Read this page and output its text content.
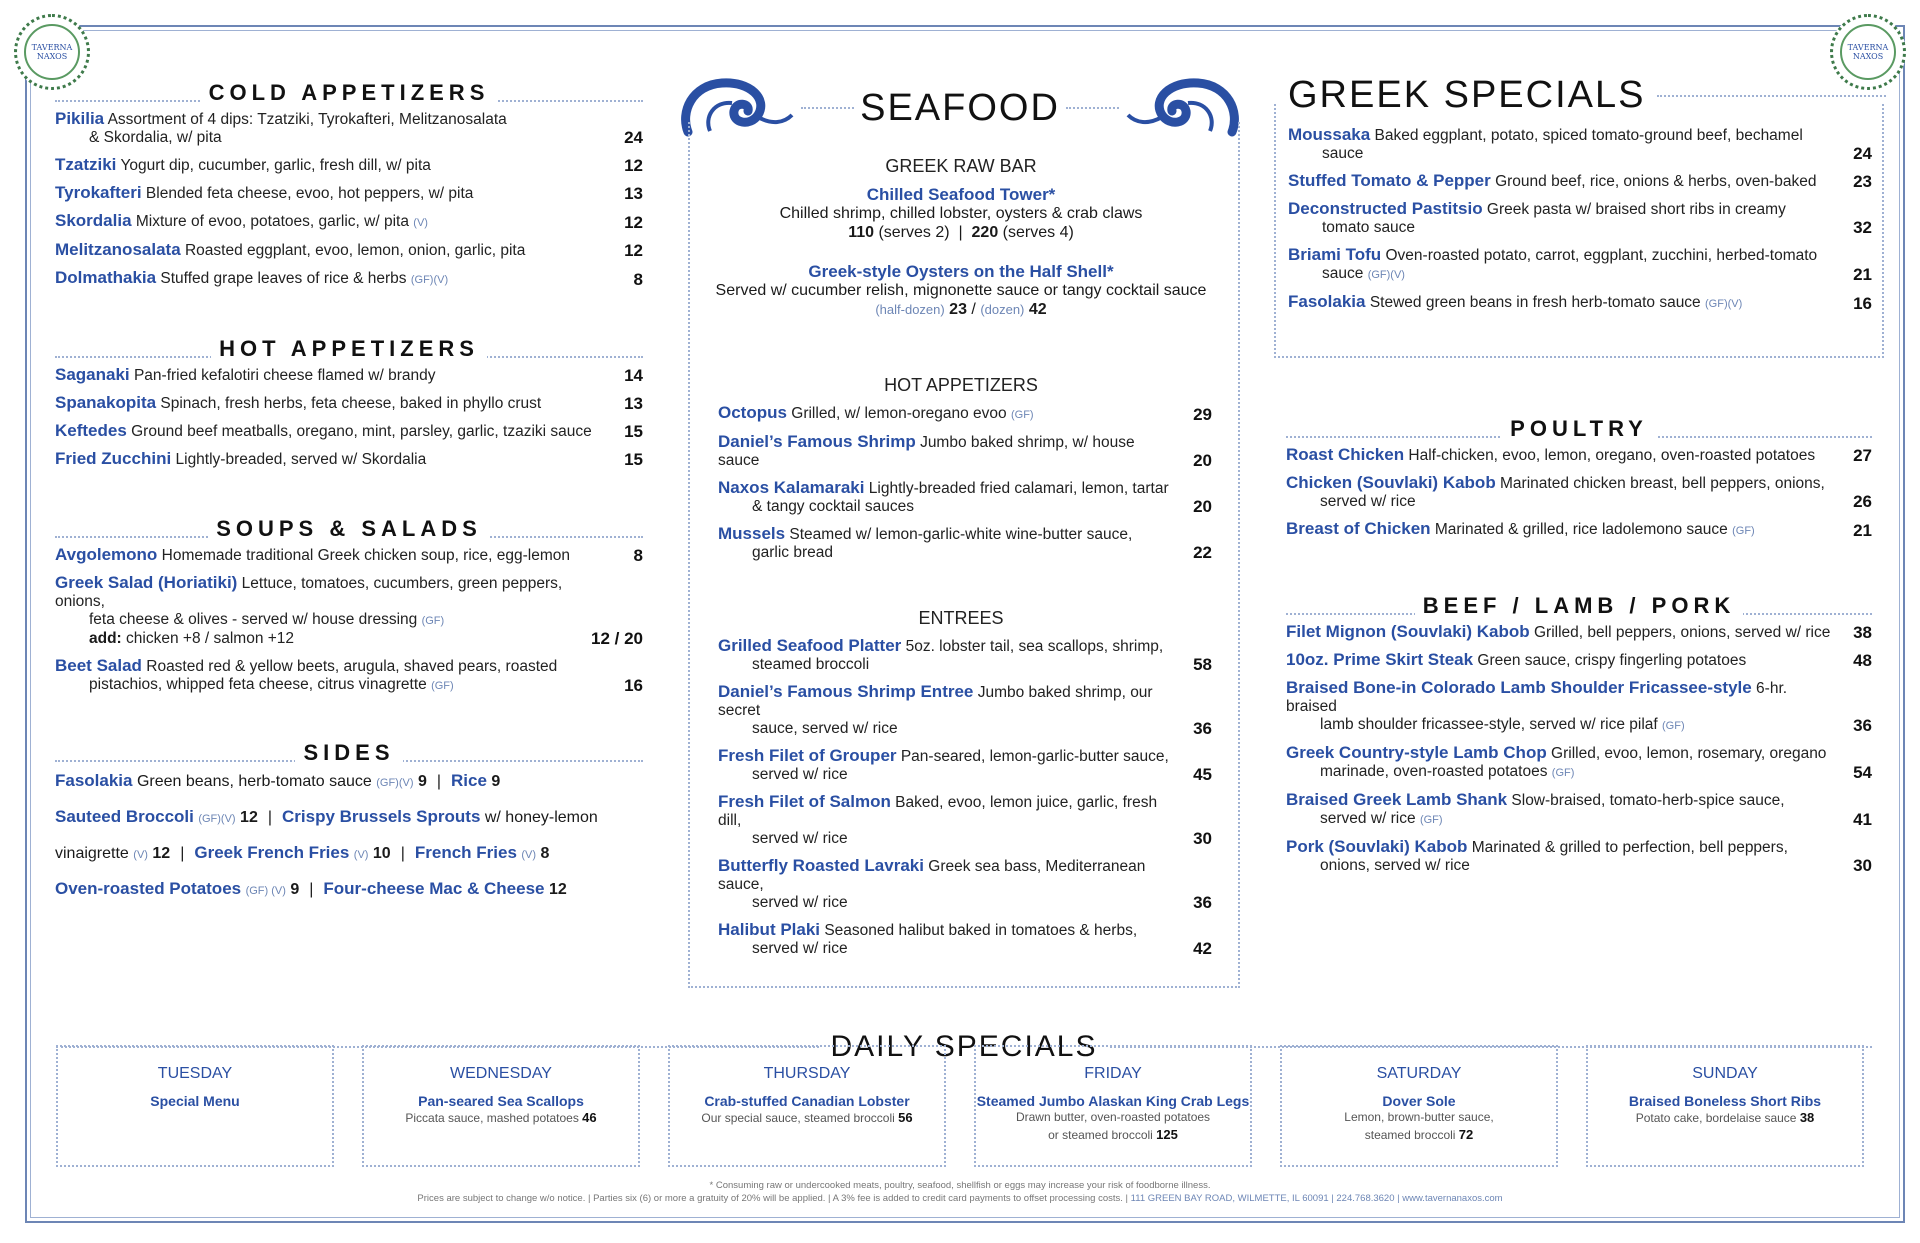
TAVERNA NAXOS
TAVERNA NAXOS
COLD APPETIZERS
Pikilia Assortment of 4 dips: Tzatziki, Tyrokafteri, Melitzanosalata
& Skordalia, w/ pita	24
Tzatziki Yogurt dip, cucumber, garlic, fresh dill, w/ pita	12
Tyrokafteri Blended feta cheese, evoo, hot peppers, w/ pita	13
Skordalia Mixture of evoo, potatoes, garlic, w/ pita (V)	12
Melitzanosalata Roasted eggplant, evoo, lemon, onion, garlic, pita	12
Dolmathakia Stuffed grape leaves of rice & herbs (GF)(V)	8
HOT APPETIZERS
Saganaki Pan-fried kefalotiri cheese flamed w/ brandy	14
Spanakopita Spinach, fresh herbs, feta cheese, baked in phyllo crust	13
Keftedes Ground beef meatballs, oregano, mint, parsley, garlic, tzaziki sauce	15
Fried Zucchini Lightly-breaded, served w/ Skordalia	15
SOUPS & SALADS
Avgolemono Homemade traditional Greek chicken soup, rice, egg-lemon	8
Greek Salad (Horiatiki) Lettuce, tomatoes, cucumbers, green peppers, onions,
feta cheese & olives - served w/ house dressing (GF)
add: chicken +8 / salmon +12	12 / 20
Beet Salad Roasted red & yellow beets, arugula, shaved pears, roasted
pistachios, whipped feta cheese, citrus vinagrette (GF)	16
SIDES
Fasolakia Green beans, herb-tomato sauce (GF)(V) 9 | Rice 9
Sauteed Broccoli (GF)(V) 12 | Crispy Brussels Sprouts w/ honey-lemon
vinaigrette (V) 12 | Greek French Fries (V) 10 | French Fries (V) 8
Oven-roasted Potatoes (GF) (V) 9 | Four-cheese Mac & Cheese 12
SEAFOOD
GREEK RAW BAR
Chilled Seafood Tower*
Chilled shrimp, chilled lobster, oysters & crab claws
110 (serves 2)  |  220 (serves 4)
Greek-style Oysters on the Half Shell*
Served w/ cucumber relish, mignonette sauce or tangy cocktail sauce
(half-dozen) 23 / (dozen) 42
HOT APPETIZERS
Octopus Grilled, w/ lemon-oregano evoo (GF)	29
Daniel’s Famous Shrimp Jumbo baked shrimp, w/ house sauce	20
Naxos Kalamaraki Lightly-breaded fried calamari, lemon, tartar
& tangy cocktail sauces	20
Mussels Steamed w/ lemon-garlic-white wine-butter sauce,
garlic bread	22
ENTREES
Grilled Seafood Platter 5oz. lobster tail, sea scallops, shrimp,
steamed broccoli	58
Daniel’s Famous Shrimp Entree Jumbo baked shrimp, our secret
sauce, served w/ rice	36
Fresh Filet of Grouper Pan-seared, lemon-garlic-butter sauce,
served w/ rice	45
Fresh Filet of Salmon Baked, evoo, lemon juice, garlic, fresh dill,
served w/ rice	30
Butterfly Roasted Lavraki Greek sea bass, Mediterranean sauce,
served w/ rice	36
Halibut Plaki Seasoned halibut baked in tomatoes & herbs,
served w/ rice	42
GREEK SPECIALS
Moussaka Baked eggplant, potato, spiced tomato-ground beef, bechamel
sauce	24
Stuffed Tomato & Pepper Ground beef, rice, onions & herbs, oven-baked	23
Deconstructed Pastitsio Greek pasta w/ braised short ribs in creamy
tomato sauce	32
Briami Tofu Oven-roasted potato, carrot, eggplant, zucchini, herbed-tomato
sauce (GF)(V)	21
Fasolakia Stewed green beans in fresh herb-tomato sauce (GF)(V)	16
POULTRY
Roast Chicken Half-chicken, evoo, lemon, oregano, oven-roasted potatoes	27
Chicken (Souvlaki) Kabob Marinated chicken breast, bell peppers, onions,
served w/ rice	26
Breast of Chicken Marinated & grilled, rice ladolemono sauce (GF)	21
BEEF / LAMB / PORK
Filet Mignon (Souvlaki) Kabob Grilled, bell peppers, onions, served w/ rice 38
10oz. Prime Skirt Steak Green sauce, crispy fingerling potatoes	48
Braised Bone-in Colorado Lamb Shoulder Fricassee-style 6-hr. braised
lamb shoulder fricassee-style, served w/ rice pilaf (GF)	36
Greek Country-style Lamb Chop Grilled, evoo, lemon, rosemary, oregano
marinade, oven-roasted potatoes (GF)	54
Braised Greek Lamb Shank Slow-braised, tomato-herb-spice sauce,
served w/ rice (GF)	41
Pork (Souvlaki) Kabob Marinated & grilled to perfection, bell peppers,
onions, served w/ rice	30
DAILY SPECIALS
TUESDAY
Special Menu
WEDNESDAY
Pan-seared Sea Scallops
Piccata sauce, mashed potatoes 46
THURSDAY
Crab-stuffed Canadian Lobster
Our special sauce, steamed broccoli 56
FRIDAY
Steamed Jumbo Alaskan King Crab Legs
Drawn butter, oven-roasted potatoes
or steamed broccoli 125
SATURDAY
Dover Sole
Lemon, brown-butter sauce,
steamed broccoli 72
SUNDAY
Braised Boneless Short Ribs
Potato cake, bordelaise sauce 38
* Consuming raw or undercooked meats, poultry, seafood, shellfish or eggs may increase your risk of foodborne illness.
Prices are subject to change w/o notice. | Parties six (6) or more a gratuity of 20% will be applied. | A 3% fee is added to credit card payments to offset processing costs. | 111 GREEN BAY ROAD, WILMETTE, IL 60091 | 224.768.3620 | www.tavernanaxos.com
